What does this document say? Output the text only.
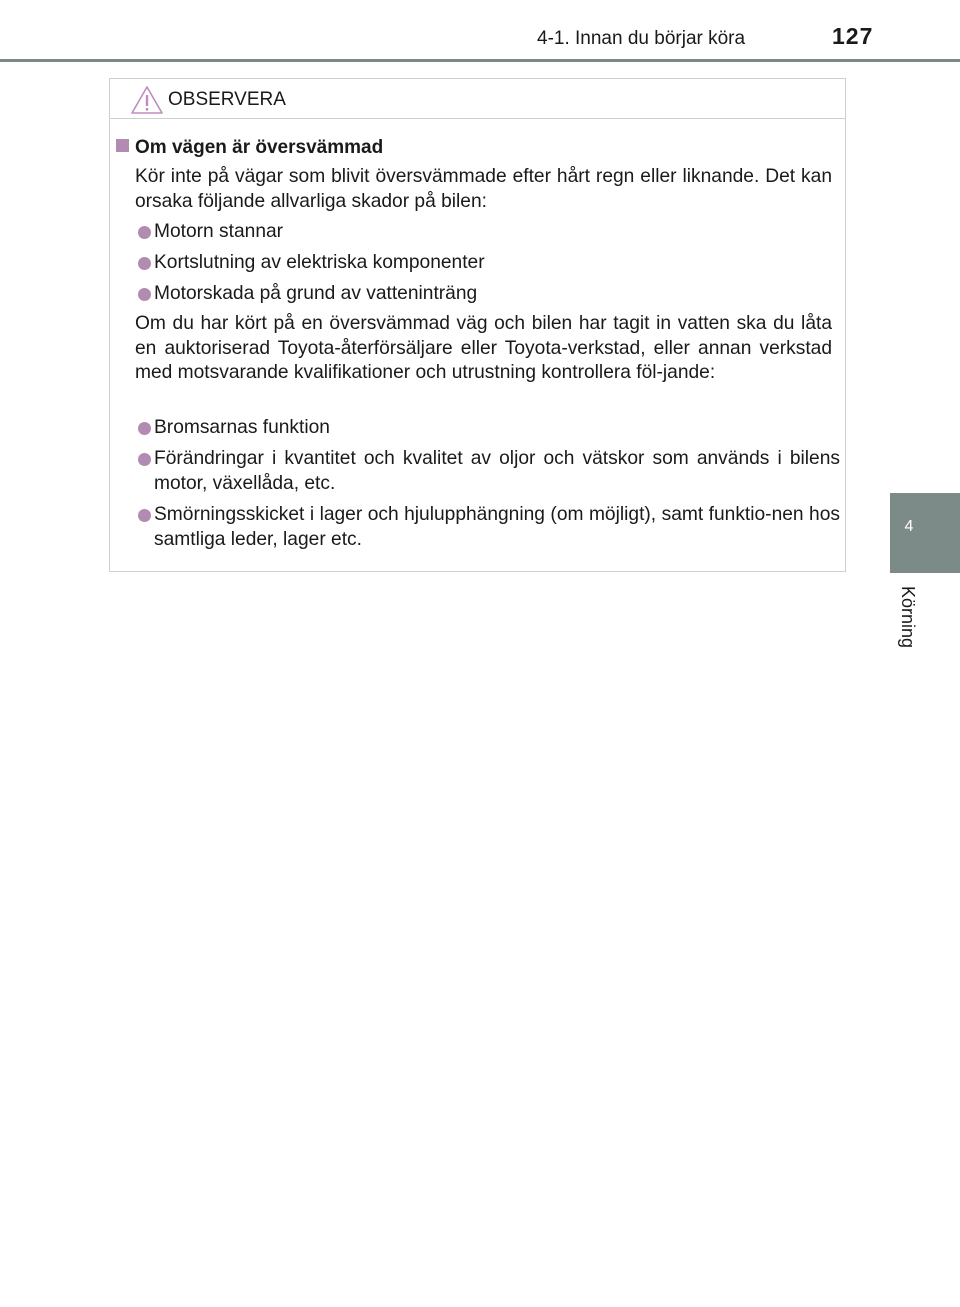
4-1. Innan du börjar köra	127
4
Körning
OBSERVERA
Om vägen är översvämmad

Kör inte på vägar som blivit översvämmade efter hårt regn eller liknande. Det kan orsaka följande allvarliga skador på bilen:

Motorn stannar
Kortslutning av elektriska komponenter
Motorskada på grund av vatteninträng

Om du har kört på en översvämmad väg och bilen har tagit in vatten ska du låta en auktoriserad Toyota-återförsäljare eller Toyota-verkstad, eller annan verkstad med motsvarande kvalifikationer och utrustning kontrollera föl-jande:

Bromsarnas funktion
Förändringar i kvantitet och kvalitet av oljor och vätskor som används i bilens motor, växellåda, etc.
Smörningsskicket i lager och hjulupphängning (om möjligt), samt funktio-nen hos samtliga leder, lager etc.
